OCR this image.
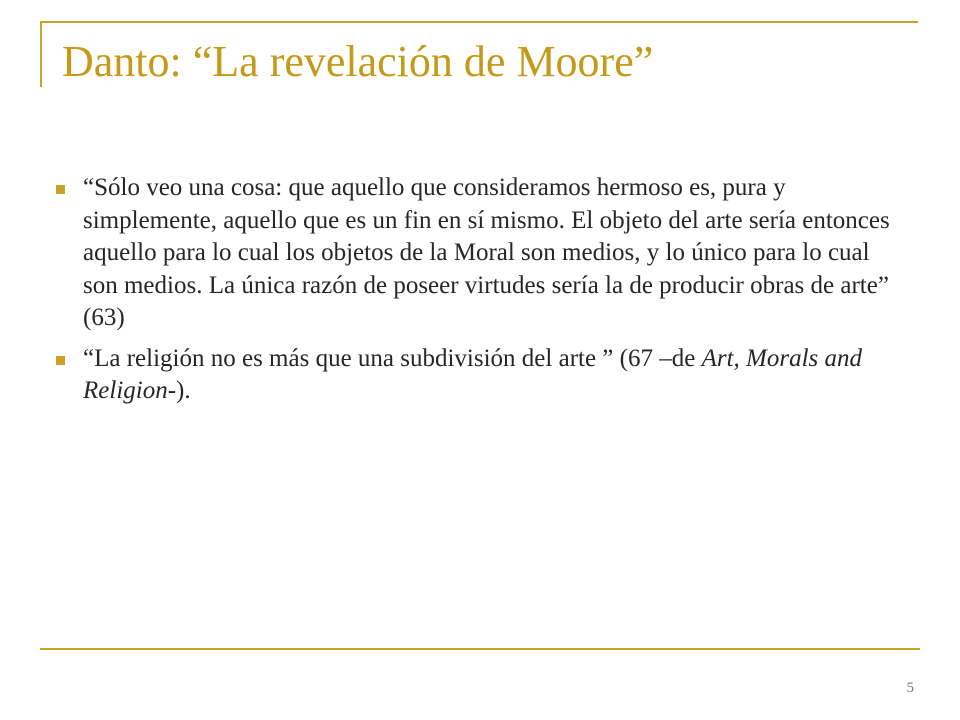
Danto: “La revelación de Moore”
“Sólo veo una cosa: que aquello que consideramos hermoso es, pura y simplemente, aquello que es un fin en sí mismo. El objeto del arte sería entonces aquello para lo cual los objetos de la Moral son medios, y lo único para lo cual son medios. La única razón de poseer virtudes sería la de producir obras de arte” (63)
“La religión no es más que una subdivisión del arte ” (67 –de Art, Morals and Religion-).
5
